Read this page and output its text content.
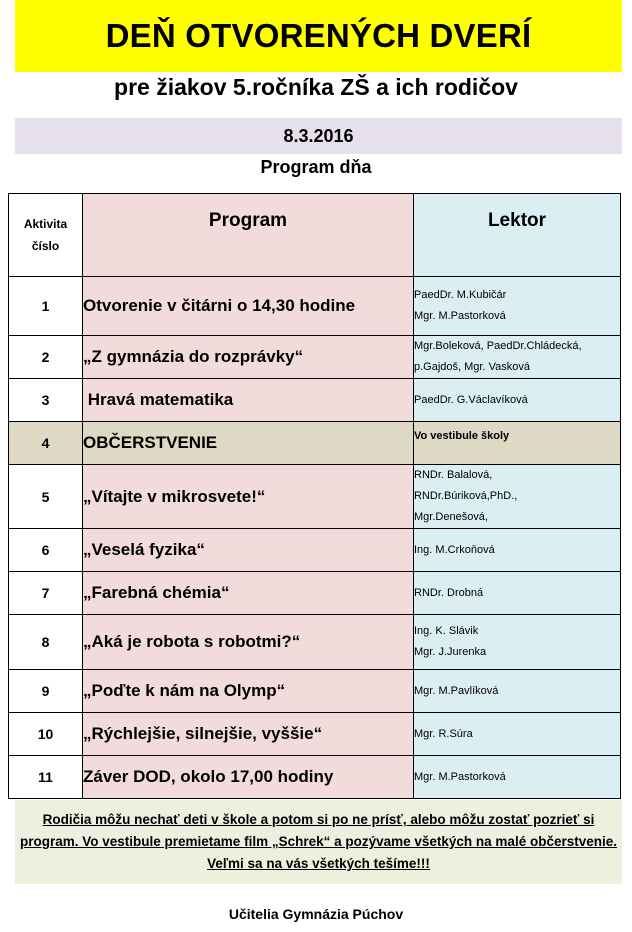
DEŇ OTVORENÝCH DVERÍ
pre žiakov 5.ročníka ZŠ a ich rodičov
8.3.2016
Program dňa
Aktivita
číslo	Program	Lektor
1	Otvorenie v čitárni o 14,30 hodine	PaedDr. M.Kubičár
Mgr. M.Pastorková

2	„Z gymnázia do rozprávky“	Mgr.Boleková, PaedDr.Chládecká,
p.Gajdoš, Mgr. Vasková

3	Hravá matematika	PaedDr. G.Václavíková

4	OBČERSTVENIE	Vo vestibule školy

5	„Vítajte v mikrosvete!“	RNDr. Balalová,
RNDr.Búriková,PhD.,
Mgr.Denešová,

6	„Veselá fyzika“	Ing. M.Crkoňová

7	„Farebná chémia“	RNDr. Drobná

8	„Aká je robota s robotmi?“	Ing. K. Slávik
Mgr. J.Jurenka

9	„Poďte k nám na Olymp“	Mgr. M.Pavlíková

10	„Rýchlejšie, silnejšie, vyššie“	Mgr. R.Súra

11	Záver DOD, okolo 17,00 hodiny	Mgr. M.Pastorková
Rodičia môžu nechať deti v škole a potom si po ne prísť, alebo môžu zostať pozrieť si program. Vo vestibule premietame film „Schrek“ a pozývame všetkých na malé občerstvenie. Veľmi sa na vás všetkých tešíme!!!
Učitelia Gymnázia Púchov
